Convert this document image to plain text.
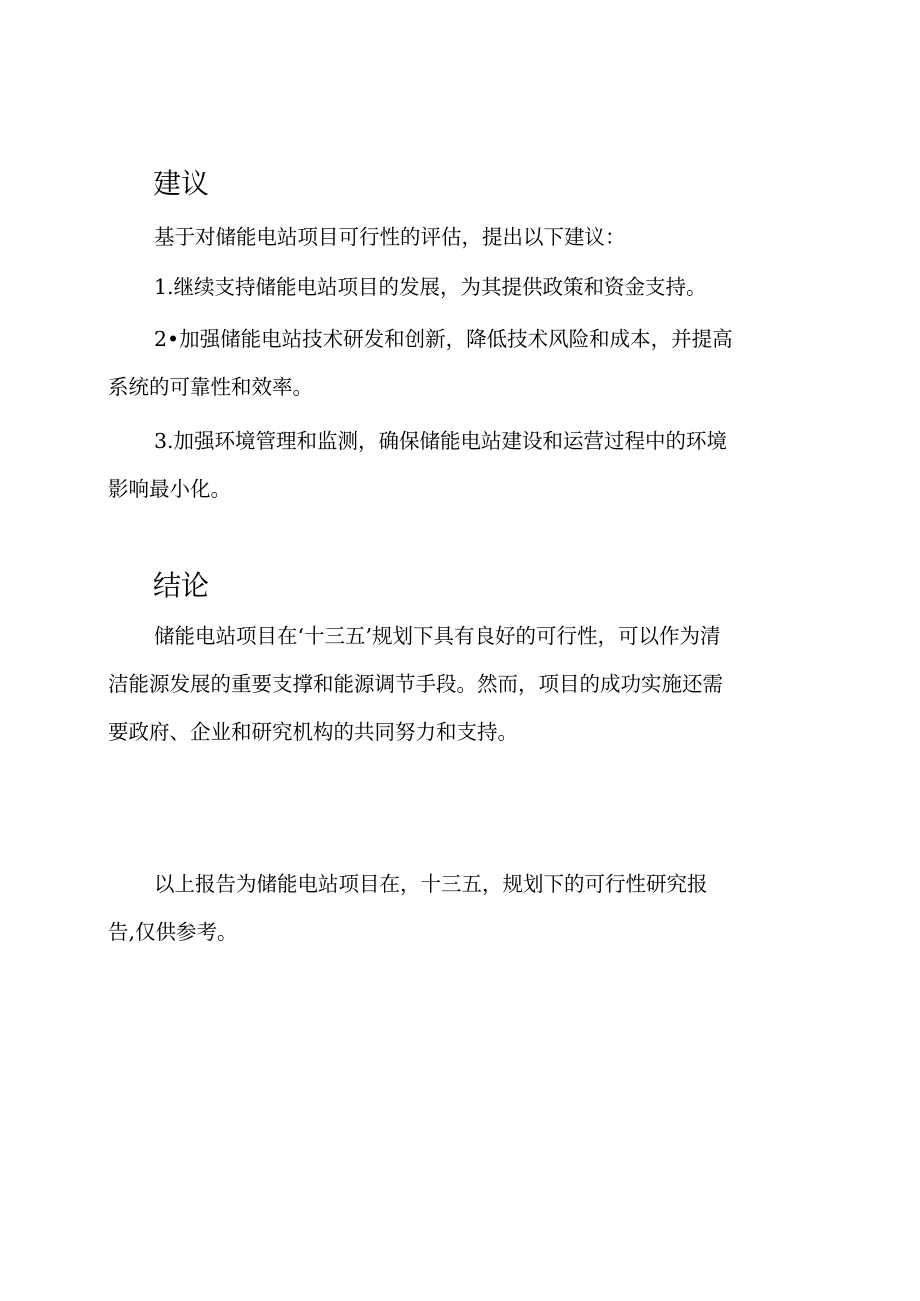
建议
基于对储能电站项目可行性的评估，提出以下建议：
1.继续支持储能电站项目的发展，为其提供政策和资金支持。
2•加强储能电站技术研发和创新，降低技术风险和成本，并提高
系统的可靠性和效率。
3.加强环境管理和监测，确保储能电站建设和运营过程中的环境
影响最小化。
结论
储能电站项目在‘十三五’规划下具有良好的可行性，可以作为清
洁能源发展的重要支撑和能源调节手段。然而，项目的成功实施还需
要政府、企业和研究机构的共同努力和支持。
以上报告为储能电站项目在，十三五，规划下的可行性研究报
告,仅供参考。
